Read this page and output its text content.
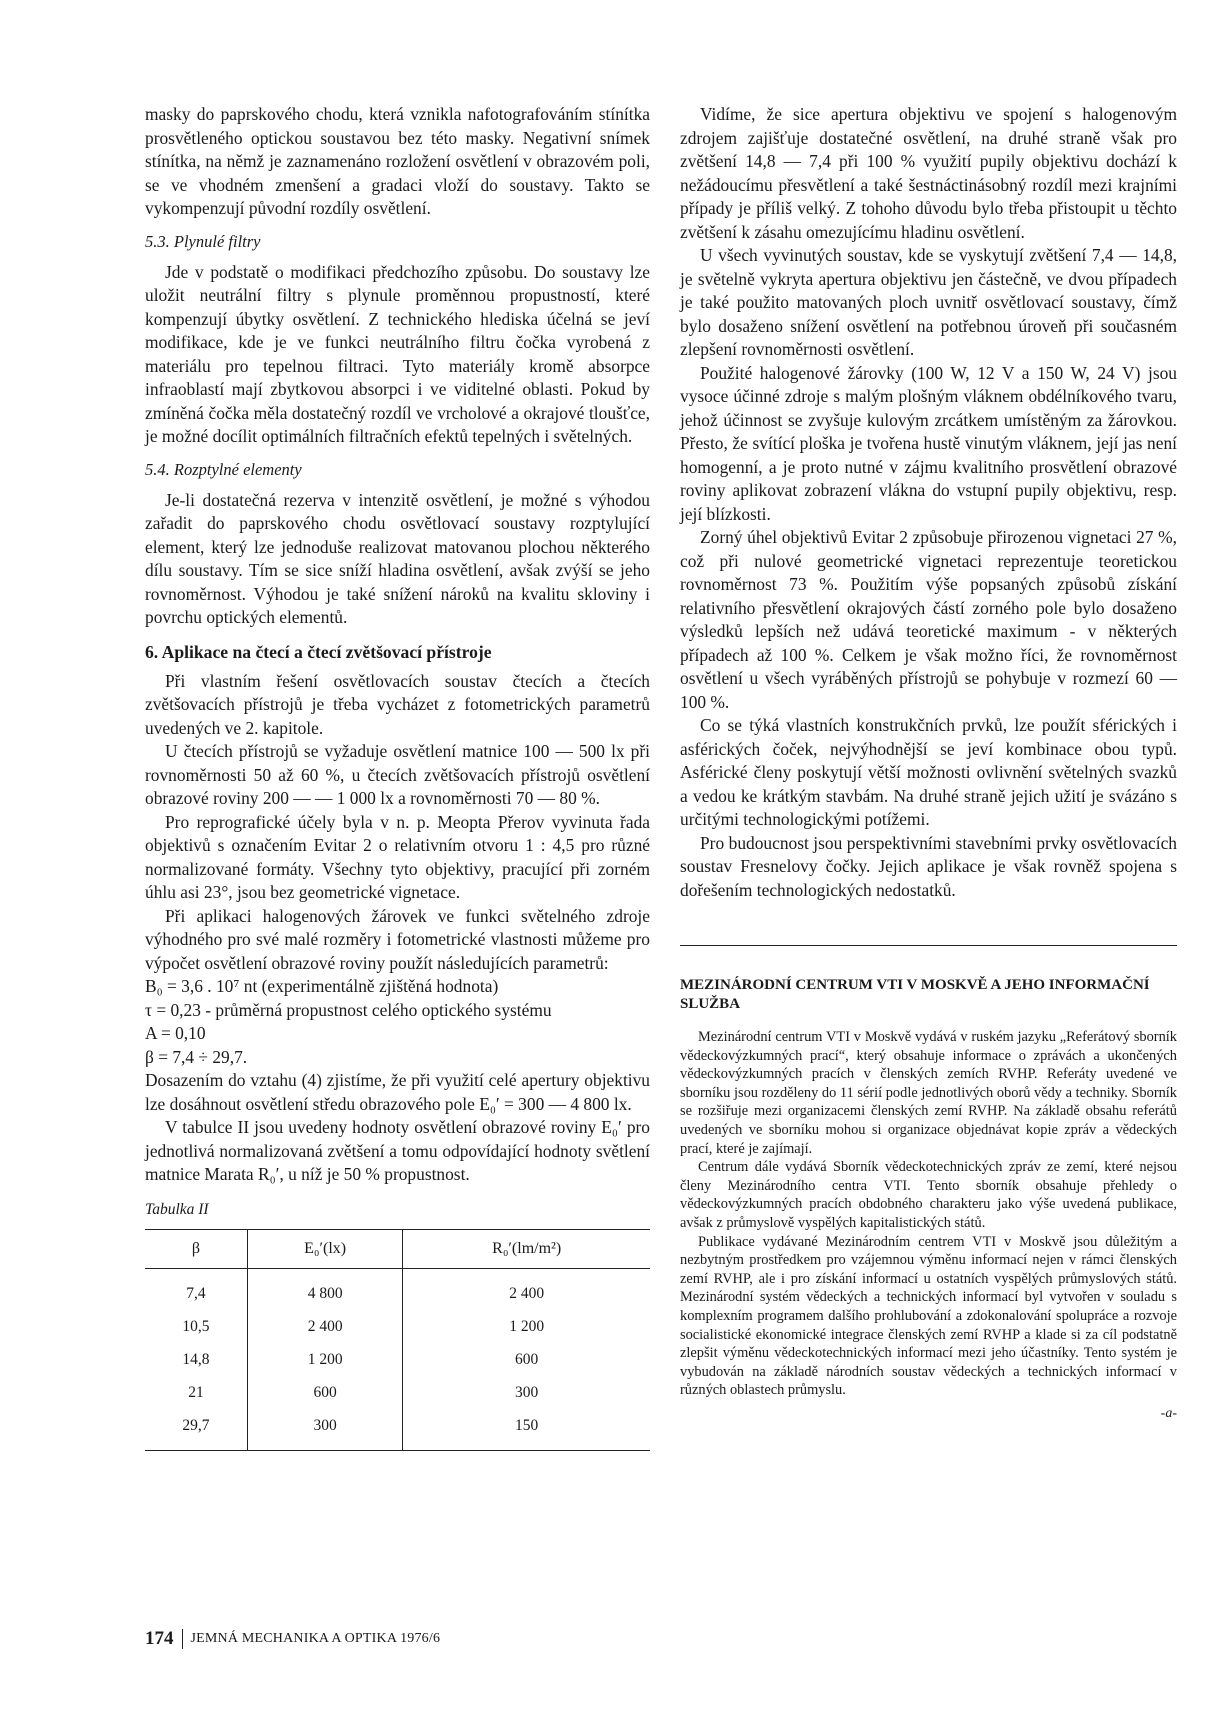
masky do paprskového chodu, která vznikla nafotografováním stínítka prosvětleného optickou soustavou bez této masky. Negativní snímek stínítka, na němž je zaznamenáno rozložení osvětlení v obrazovém poli, se ve vhodném zmenšení a gradaci vloží do soustavy. Takto se vykompenzují původní rozdíly osvětlení.

5.3. Plynulé filtry

Jde v podstatě o modifikaci předchozího způsobu. Do soustavy lze uložit neutrální filtry s plynule proměnnou propustností, které kompenzují úbytky osvětlení. Z technického hlediska účelná se jeví modifikace, kde je ve funkci neutrálního filtru čočka vyrobená z materiálu pro tepelnou filtraci. Tyto materiály kromě absorpce infraoblastí mají zbytkovou absorpci i ve viditelné oblasti. Pokud by zmíněná čočka měla dostatečný rozdíl ve vrcholové a okrajové tloušťce, je možné docílit optimálních filtračních efektů tepelných i světelných.

5.4. Rozptylné elementy

Je-li dostatečná rezerva v intenzitě osvětlení, je možné s výhodou zařadit do paprskového chodu osvětlovací soustavy rozptylující element, který lze jednoduše realizovat matovanou plochou některého dílu soustavy. Tím se sice sníží hladina osvětlení, avšak zvýší se jeho rovnoměrnost. Výhodou je také snížení nároků na kvalitu skloviny i povrchu optických elementů.

6. Aplikace na čtecí a čtecí zvětšovací přístroje

Při vlastním řešení osvětlovacích soustav čtecích a čtecích zvětšovacích přístrojů je třeba vycházet z fotometrických parametrů uvedených ve 2. kapitole.

U čtecích přístrojů se vyžaduje osvětlení matnice 100 — 500 lx při rovnoměrnosti 50 až 60 %, u čtecích zvětšovacích přístrojů osvětlení obrazové roviny 200 — — 1 000 lx a rovnoměrnosti 70 — 80 %.

Pro reprografické účely byla v n. p. Meopta Přerov vyvinuta řada objektivů s označením Evitar 2 o relativním otvoru 1 : 4,5 pro různé normalizované formáty. Všechny tyto objektivy, pracující při zorném úhlu asi 23°, jsou bez geometrické vignetace.

Při aplikaci halogenových žárovek ve funkci světelného zdroje výhodného pro své malé rozměry i fotometrické vlastnosti můžeme pro výpočet osvětlení obrazové roviny použít následujících parametrů:

B₀ = 3,6 . 10⁷ nt (experimentálně zjištěná hodnota)

τ = 0,23 - průměrná propustnost celého optického systému

A = 0,10

β = 7,4 ÷ 29,7.

Dosazením do vztahu (4) zjistíme, že při využití celé apertury objektivu lze dosáhnout osvětlení středu obrazového pole E₀′ = 300 — 4 800 lx.

V tabulce II jsou uvedeny hodnoty osvětlení obrazové roviny E₀′ pro jednotlivá normalizovaná zvětšení a tomu odpovídající hodnoty světlení matnice Marata R₀′, u níž je 50 % propustnost.

Tabulka II
β	E₀′(lx)	R₀′(lm/m²)
7,4	4 800	2 400
10,5	2 400	1 200
14,8	1 200	600
21	600	300
29,7	300	150

Vidíme, že sice apertura objektivu ve spojení s halogenovým zdrojem zajišťuje dostatečné osvětlení, na druhé straně však pro zvětšení 14,8 — 7,4 při 100 % využití pupily objektivu dochází k nežádoucímu přesvětlení a také šestnáctinásobný rozdíl mezi krajními případy je příliš velký. Z tohoho důvodu bylo třeba přistoupit u těchto zvětšení k zásahu omezujícímu hladinu osvětlení.

U všech vyvinutých soustav, kde se vyskytují zvětšení 7,4 — 14,8, je světelně vykryta apertura objektivu jen částečně, ve dvou případech je také použito matovaných ploch uvnitř osvětlovací soustavy, čímž bylo dosaženo snížení osvětlení na potřebnou úroveň při současném zlepšení rovnoměrnosti osvětlení.

Použité halogenové žárovky (100 W, 12 V a 150 W, 24 V) jsou vysoce účinné zdroje s malým plošným vláknem obdélníkového tvaru, jehož účinnost se zvyšuje kulovým zrcátkem umístěným za žárovkou. Přesto, že svítící ploška je tvořena hustě vinutým vláknem, její jas není homogenní, a je proto nutné v zájmu kvalitního prosvětlení obrazové roviny aplikovat zobrazení vlákna do vstupní pupily objektivu, resp. její blízkosti.

Zorný úhel objektivů Evitar 2 způsobuje přirozenou vignetaci 27 %, což při nulové geometrické vignetaci reprezentuje teoretickou rovnoměrnost 73 %. Použitím výše popsaných způsobů získání relativního přesvětlení okrajových částí zorného pole bylo dosaženo výsledků lepších než udává teoretické maximum - v některých případech až 100 %. Celkem je však možno říci, že rovnoměrnost osvětlení u všech vyráběných přístrojů se pohybuje v rozmezí 60 — 100 %.

Co se týká vlastních konstrukčních prvků, lze použít sférických i asférických čoček, nejvýhodnější se jeví kombinace obou typů. Asférické členy poskytují větší možnosti ovlivnění světelných svazků a vedou ke krátkým stavbám. Na druhé straně jejich užití je svázáno s určitými technologickými potížemi.

Pro budoucnost jsou perspektivními stavebními prvky osvětlovacích soustav Fresnelovy čočky. Jejich aplikace je však rovněž spojena s dořešením technologických nedostatků.

MEZINÁRODNÍ CENTRUM VTI V MOSKVĚ A JEHO INFORMAČNÍ SLUŽBA

Mezinárodní centrum VTI v Moskvě vydává v ruském jazyku „Referátový sborník vědeckovýzkumných prací“, který obsahuje informace o zprávách a ukončených vědeckovýzkumných pracích v členských zemích RVHP. Referáty uvedené ve sborníku jsou rozděleny do 11 sérií podle jednotlivých oborů vědy a techniky. Sborník se rozšiřuje mezi organizacemi členských zemí RVHP. Na základě obsahu referátů uvedených ve sborníku mohou si organizace objednávat kopie zpráv a vědeckých prací, které je zajímají.

Centrum dále vydává Sborník vědeckotechnických zpráv ze zemí, které nejsou členy Mezinárodního centra VTI. Tento sborník obsahuje přehledy o vědeckovýzkumných pracích obdobného charakteru jako výše uvedená publikace, avšak z průmyslově vyspělých kapitalistických států.

Publikace vydávané Mezinárodním centrem VTI v Moskvě jsou důležitým a nezbytným prostředkem pro vzájemnou výměnu informací nejen v rámci členských zemí RVHP, ale i pro získání informací u ostatních vyspělých průmyslových států. Mezinárodní systém vědeckých a technických informací byl vytvořen v souladu s komplexním programem dalšího prohlubování a zdokonalování spolupráce a rozvoje socialistické ekonomické integrace členských zemí RVHP a klade si za cíl podstatně zlepšit výměnu vědeckotechnických informací mezi jeho účastníky. Tento systém je vybudován na základě národních soustav vědeckých a technických informací v různých oblastech průmyslu.

-a-
174 JEMNÁ MECHANIKA A OPTIKA 1976/6
